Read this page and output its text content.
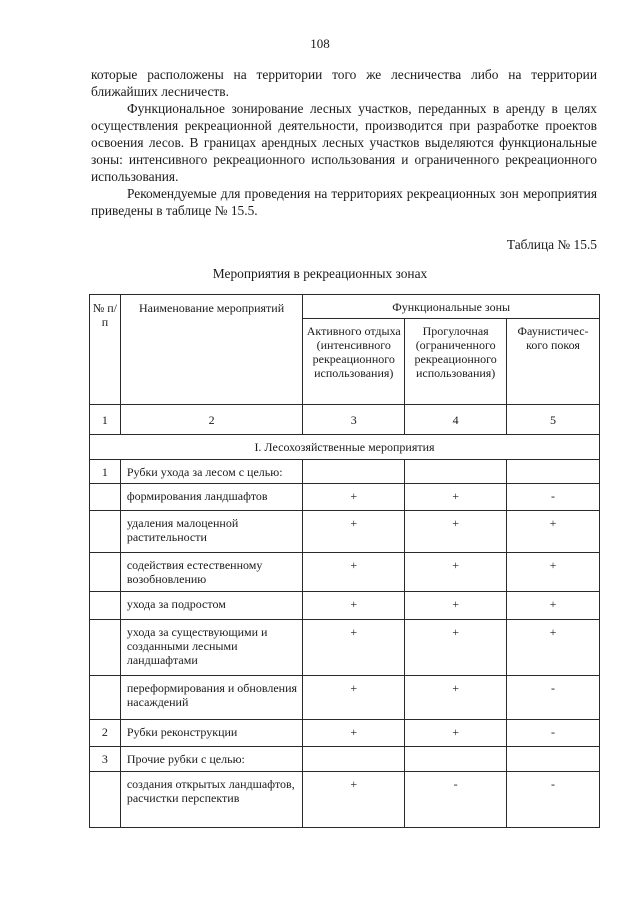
108

которые расположены на территории того же лесничества либо на территории ближайших лесничеств.

Функциональное зонирование лесных участков, переданных в аренду в целях осуществления рекреационной деятельности, производится при разработке проектов освоения лесов. В границах арендных лесных участков выделяются функциональные зоны: интенсивного рекреационного использования и ограниченного рекреационного использования.

Рекомендуемые для проведения на территориях рекреационных зон мероприятия приведены в таблице № 15.5.

Таблица № 15.5
Мероприятия в рекреационных зонах
№ п/п	Наименование мероприятий	Функциональные зоны		
		Активного отдыха (интенсивного рекреационного использования)	Прогулочная (ограниченного рекреационного использования)	Фаунистичес-кого покоя
1	2	3	4	5
I. Лесохозяйственные мероприятия				
1	Рубки ухода за лесом с целью:			
	формирования ландшафтов	+	+	-
	удаления малоценной растительности	+	+	+
	содействия естественному возобновлению	+	+	+
	ухода за подростом	+	+	+
	ухода за существующими и созданными лесными ландшафтами	+	+	+
	переформирования и обновления насаждений	+	+	-
2	Рубки реконструкции	+	+	-
3	Прочие рубки с целью:			
	создания открытых ландшафтов, расчистки перспектив	+	-	-
